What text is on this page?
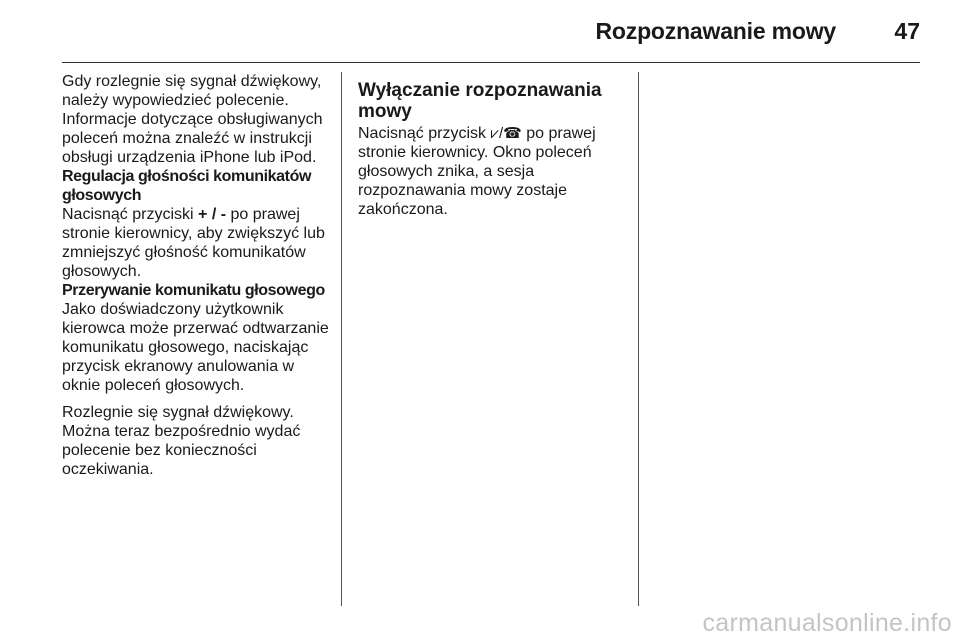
Rozpoznawanie mowy	47

Gdy rozlegnie się sygnał dźwiękowy, należy wypowiedzieć polecenie. Informacje dotyczące obsługiwanych poleceń można znaleźć w instrukcji obsługi urządzenia iPhone lub iPod.

Regulacja głośności komunikatów głosowych

Nacisnąć przyciski + / - po prawej stronie kierownicy, aby zwiększyć lub zmniejszyć głośność komunikatów głosowych.

Przerywanie komunikatu głosowego

Jako doświadczony użytkownik kierowca może przerwać odtwarzanie komunikatu głosowego, naciskając przycisk ekranowy anulowania w oknie poleceń głosowych.

Rozlegnie się sygnał dźwiękowy. Można teraz bezpośrednio wydać polecenie bez konieczności oczekiwania.

Wyłączanie rozpoznawania mowy

Nacisnąć przycisk ⩗/☎ po prawej stronie kierownicy. Okno poleceń głosowych znika, a sesja rozpoznawania mowy zostaje zakończona.

carmanualsonline.info
